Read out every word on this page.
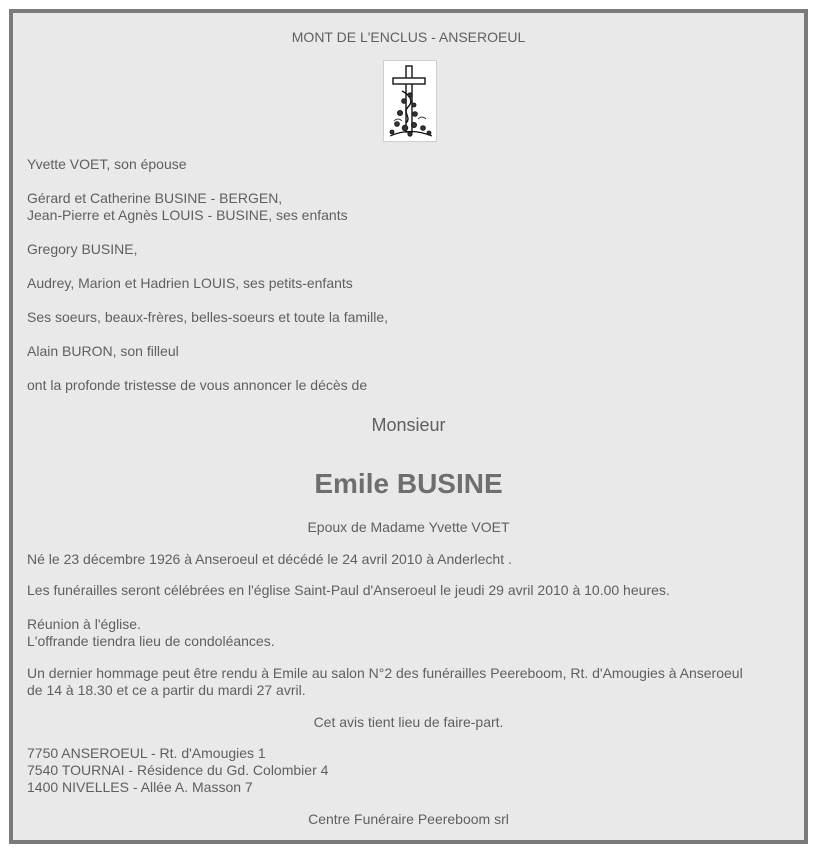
MONT DE L'ENCLUS - ANSEROEUL
Yvette VOET, son épouse
Gérard et Catherine BUSINE - BERGEN,
Jean-Pierre et Agnès LOUIS - BUSINE, ses enfants
Gregory BUSINE,
Audrey, Marion et Hadrien LOUIS, ses petits-enfants
Ses soeurs, beaux-frères, belles-soeurs et toute la famille,
Alain BURON, son filleul
ont la profonde tristesse de vous annoncer le décès de
Monsieur
Emile BUSINE
Epoux de Madame Yvette VOET
Né le 23 décembre 1926 à Anseroeul et décédé le 24 avril 2010 à Anderlecht .
Les funérailles seront célébrées en l'église Saint-Paul d'Anseroeul le jeudi 29 avril 2010 à 10.00 heures.
Réunion à l'église.
L'offrande tiendra lieu de condoléances.
Un dernier hommage peut être rendu à Emile au salon N°2 des funérailles Peereboom, Rt. d'Amougies à Anseroeul
de 14 à 18.30 et ce a partir du mardi 27 avril.
Cet avis tient lieu de faire-part.
7750 ANSEROEUL - Rt. d'Amougies 1
7540 TOURNAI - Résidence du Gd. Colombier 4
1400 NIVELLES - Allée A. Masson 7
Centre Funéraire Peereboom srl
